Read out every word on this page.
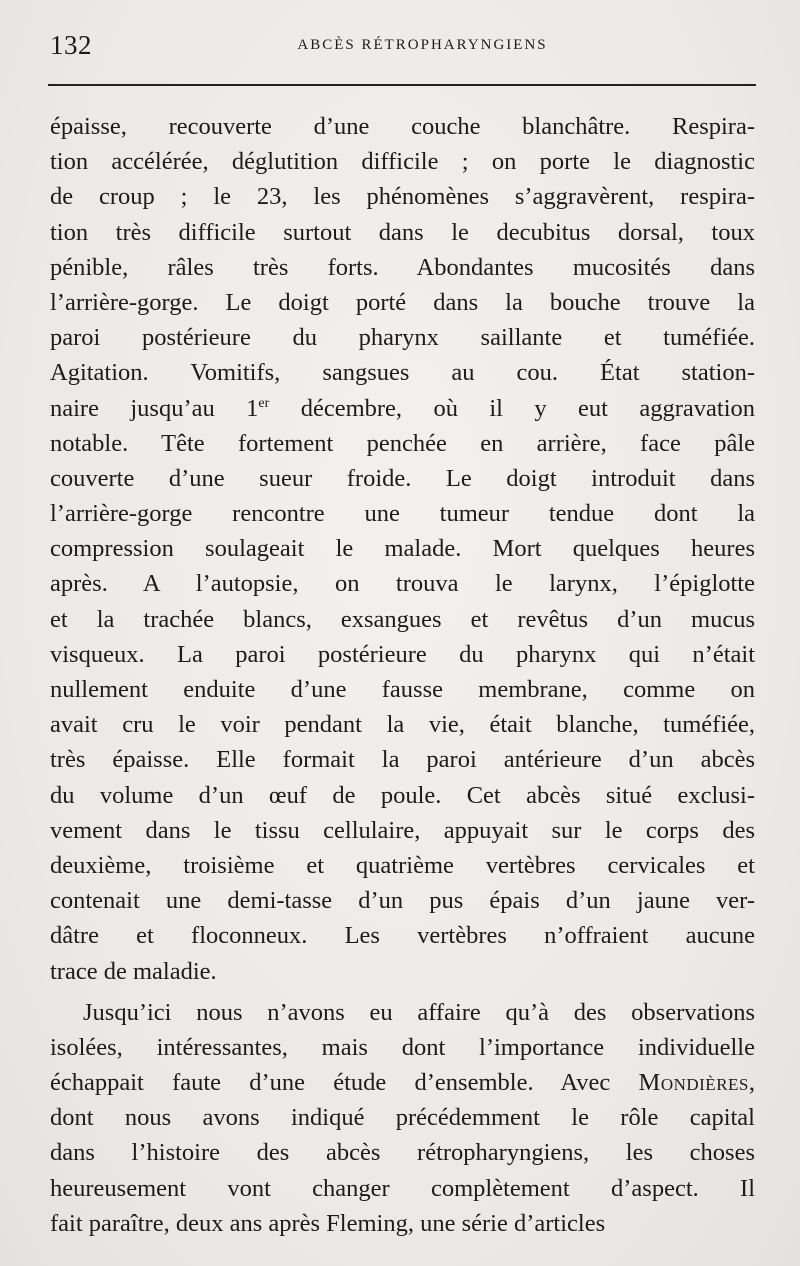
132	ABCÈS RÉTROPHARYNGIENS
épaisse, recouverte d’une couche blanchâtre. Respira-
tion accélérée, déglutition difficile ; on porte le diagnostic
de croup ; le 23, les phénomènes s’aggravèrent, respira-
tion très difficile surtout dans le decubitus dorsal, toux
pénible, râles très forts. Abondantes mucosités dans
l’arrière-gorge. Le doigt porté dans la bouche trouve la
paroi postérieure du pharynx saillante et tuméfiée.
Agitation. Vomitifs, sangsues au cou. État station-
naire jusqu’au 1er décembre, où il y eut aggravation
notable. Tête fortement penchée en arrière, face pâle
couverte d’une sueur froide. Le doigt introduit dans
l’arrière-gorge rencontre une tumeur tendue dont la
compression soulageait le malade. Mort quelques heures
après. A l’autopsie, on trouva le larynx, l’épiglotte
et la trachée blancs, exsangues et revêtus d’un mucus
visqueux. La paroi postérieure du pharynx qui n’était
nullement enduite d’une fausse membrane, comme on
avait cru le voir pendant la vie, était blanche, tuméfiée,
très épaisse. Elle formait la paroi antérieure d’un abcès
du volume d’un œuf de poule. Cet abcès situé exclusi-
vement dans le tissu cellulaire, appuyait sur le corps des
deuxième, troisième et quatrième vertèbres cervicales et
contenait une demi-tasse d’un pus épais d’un jaune ver-
dâtre et floconneux. Les vertèbres n’offraient aucune
trace de maladie.
Jusqu’ici nous n’avons eu affaire qu’à des observations
isolées, intéressantes, mais dont l’importance individuelle
échappait faute d’une étude d’ensemble. Avec Mondières,
dont nous avons indiqué précédemment le rôle capital
dans l’histoire des abcès rétropharyngiens, les choses
heureusement vont changer complètement d’aspect. Il
fait paraître, deux ans après Fleming, une série d’articles
